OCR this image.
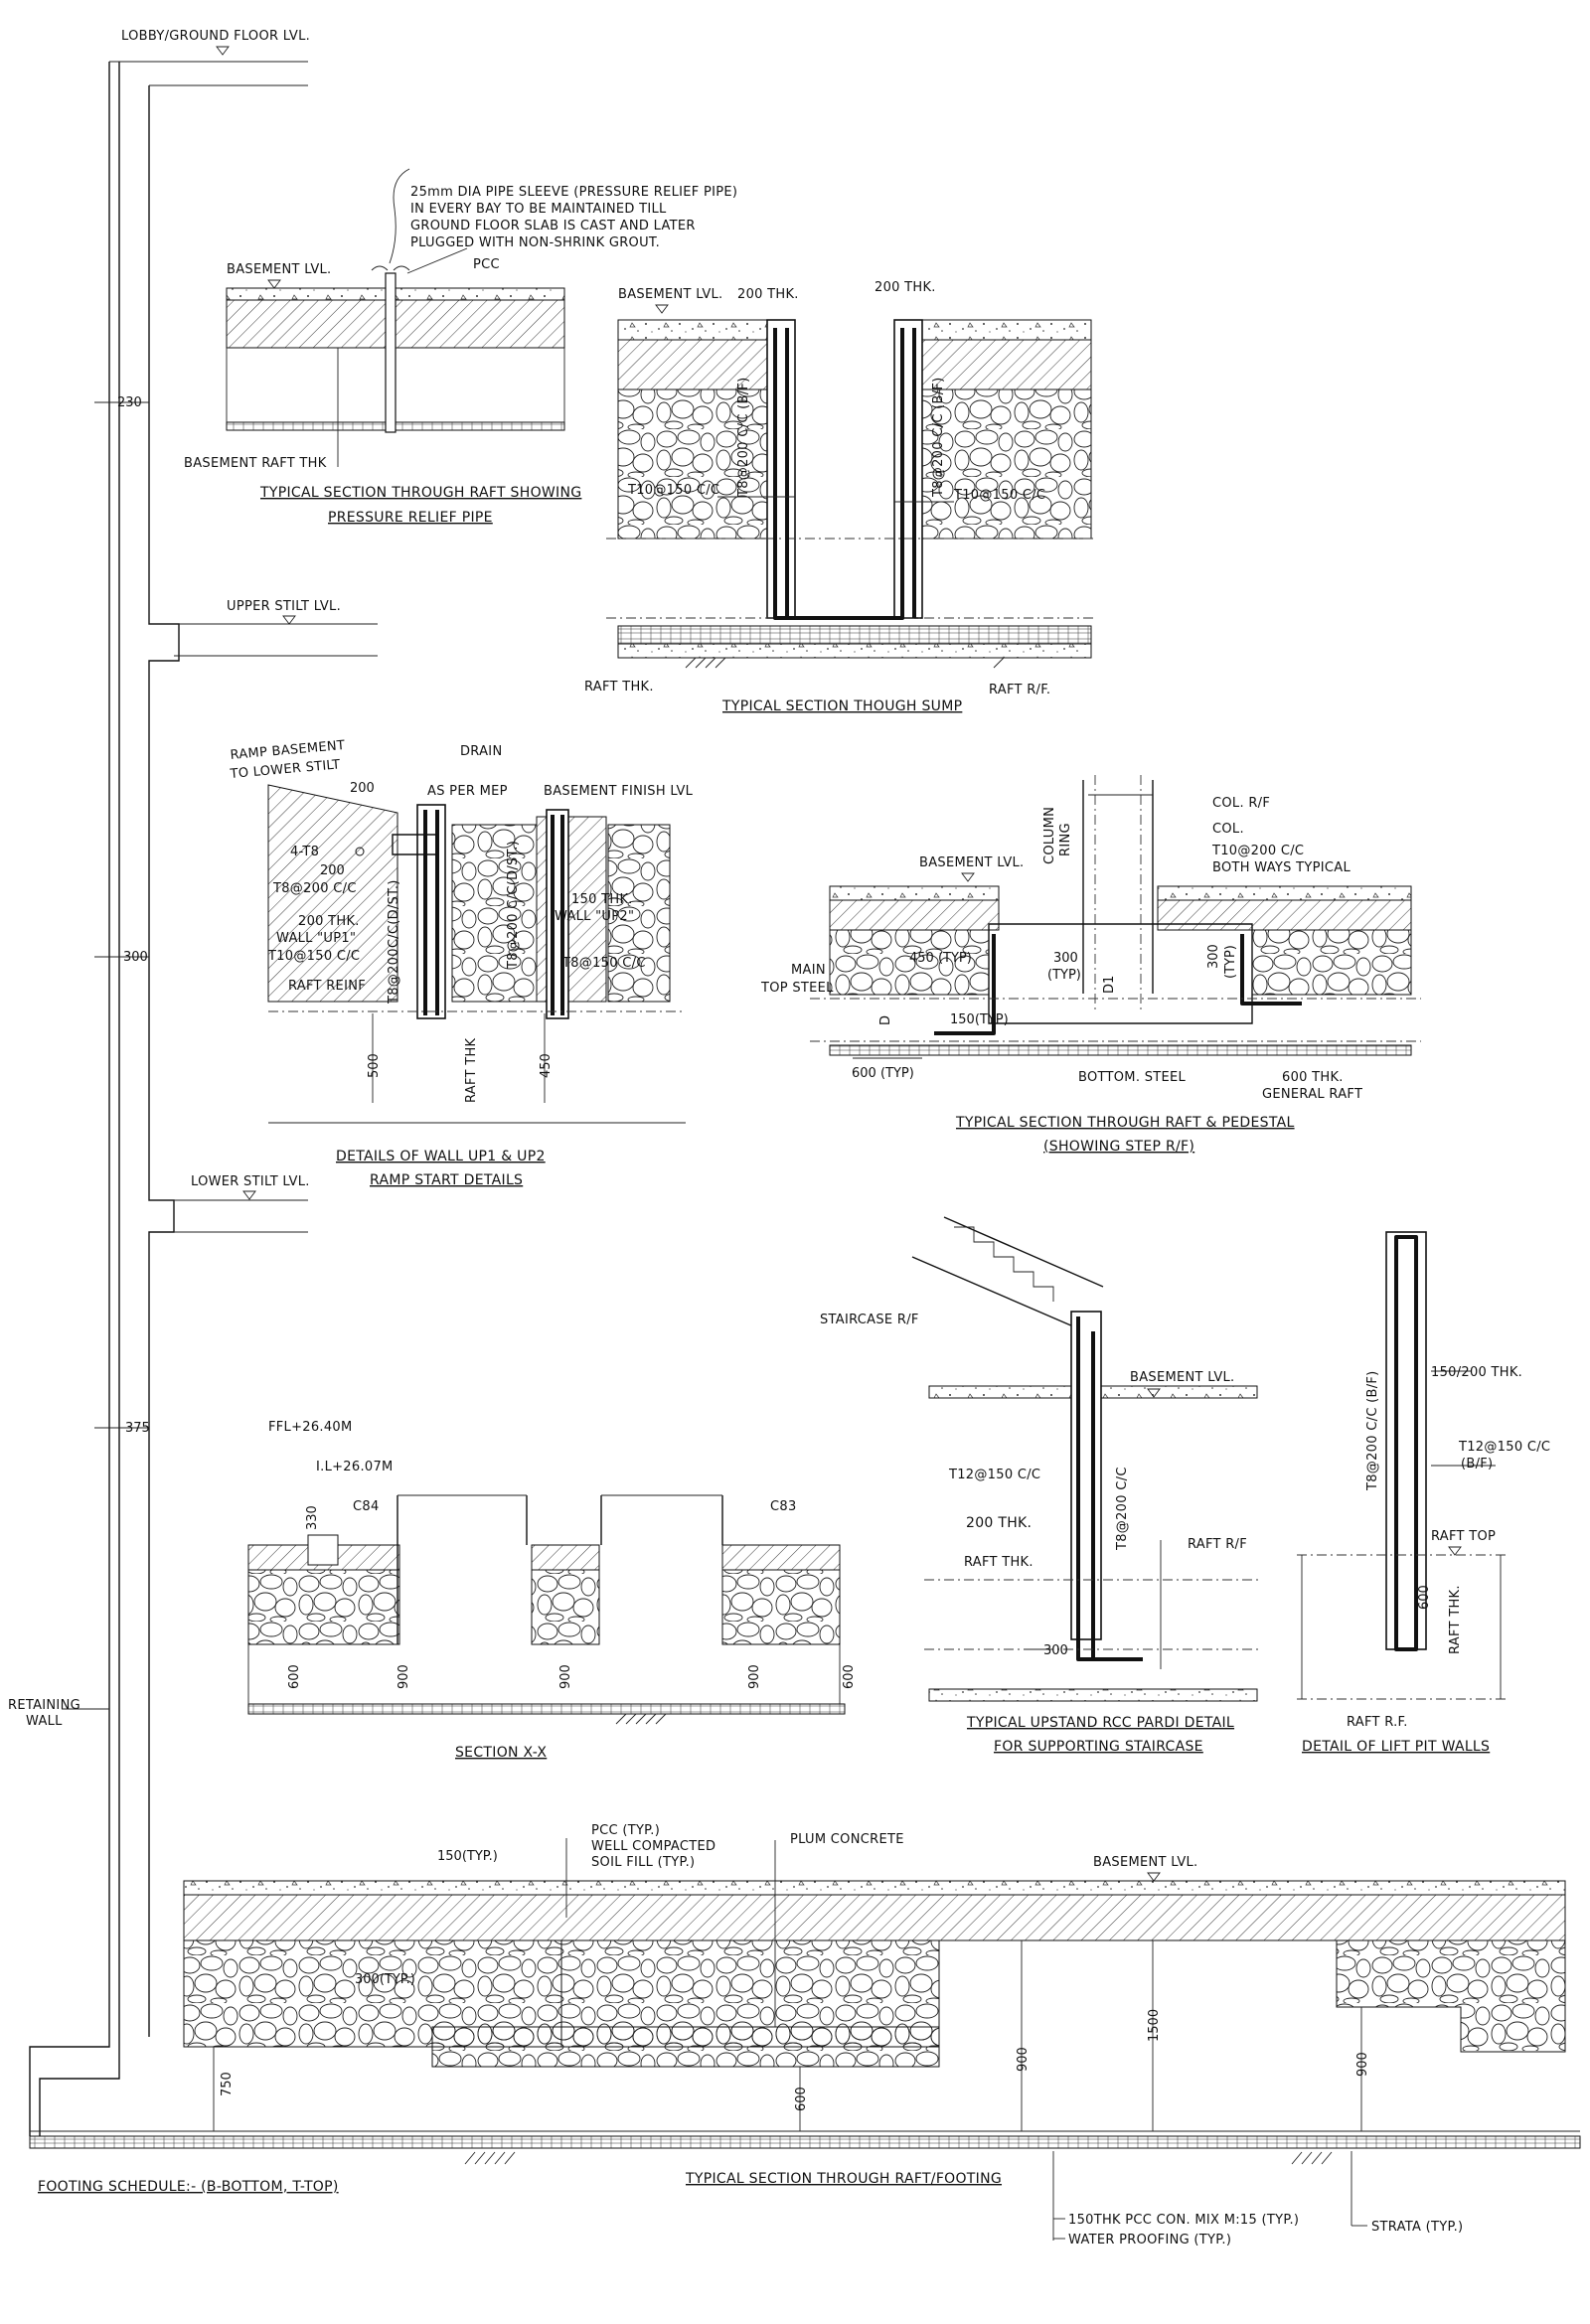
LOBBY/GROUND FLOOR LVL.
UPPER STILT LVL.
LOWER STILT LVL.
230
300
375
RETAINING
WALL
25mm DIA PIPE SLEEVE (PRESSURE RELIEF PIPE)
IN EVERY BAY TO BE MAINTAINED TILL
GROUND FLOOR SLAB IS CAST AND LATER
PLUGGED WITH NON-SHRINK GROUT.
PCC
BASEMENT LVL.
BASEMENT RAFT THK
TYPICAL SECTION THROUGH RAFT SHOWING
PRESSURE RELIEF PIPE
BASEMENT LVL. 200 THK.	200 THK.
T10@150 C/C	T10@150 C/C
T8@200 C/C (B/F)	T8@200 C/C (B/F)
RAFT THK.	RAFT R/F.
TYPICAL SECTION THOUGH SUMP
RAMP BASEMENT
TO LOWER STILT
DRAIN
200	AS PER MEP	BASEMENT FINISH LVL
4-T8
200
T8@200 C/C
200 THK.
WALL "UP1"
T10@150 C/C
RAFT REINF T8@200C/C(D/ST.)	T8@200 C/C(D/ST.)	150 THK.
WALL "UP2"
T8@150 C/C
500	450
RAFT THK
DETAILS OF WALL UP1 & UP2
RAMP START DETAILS
COL. R/F
COL.
COLUMN RING	T10@200 C/C
BOTH WAYS TYPICAL
BASEMENT LVL.
MAIN
TOP STEEL
450 (TYP)	300
(TYP)
300 (TYP)
D1
D	150(TYP)
600 (TYP)	BOTTOM. STEEL	600 THK.
GENERAL RAFT
TYPICAL SECTION THROUGH RAFT & PEDESTAL
(SHOWING STEP R/F)
FFL+26.40M
I.L+26.07M
330	C84	C83
600	900	900	900	600
SECTION X-X
STAIRCASE R/F
BASEMENT LVL.
T12@150 C/C
200 THK.	T8@200 C/C	RAFT R/F
RAFT THK.
300
TYPICAL UPSTAND RCC PARDI DETAIL
FOR SUPPORTING STAIRCASE
150/200 THK.
T8@200 C/C (B/F)	T12@150 C/C
(B/F)
RAFT TOP
600 RAFT THK.
RAFT R.F.
DETAIL OF LIFT PIT WALLS
PCC (TYP.)
WELL COMPACTED
SOIL FILL (TYP.)
PLUM CONCRETE
150(TYP.)
300(TYP.)
BASEMENT LVL.
750
600
900
1500
900
FOOTING SCHEDULE:- (B-BOTTOM, T-TOP)	TYPICAL SECTION THROUGH RAFT/FOOTING
150THK PCC CON. MIX M:15 (TYP.)
WATER PROOFING (TYP.)
STRATA (TYP.)
